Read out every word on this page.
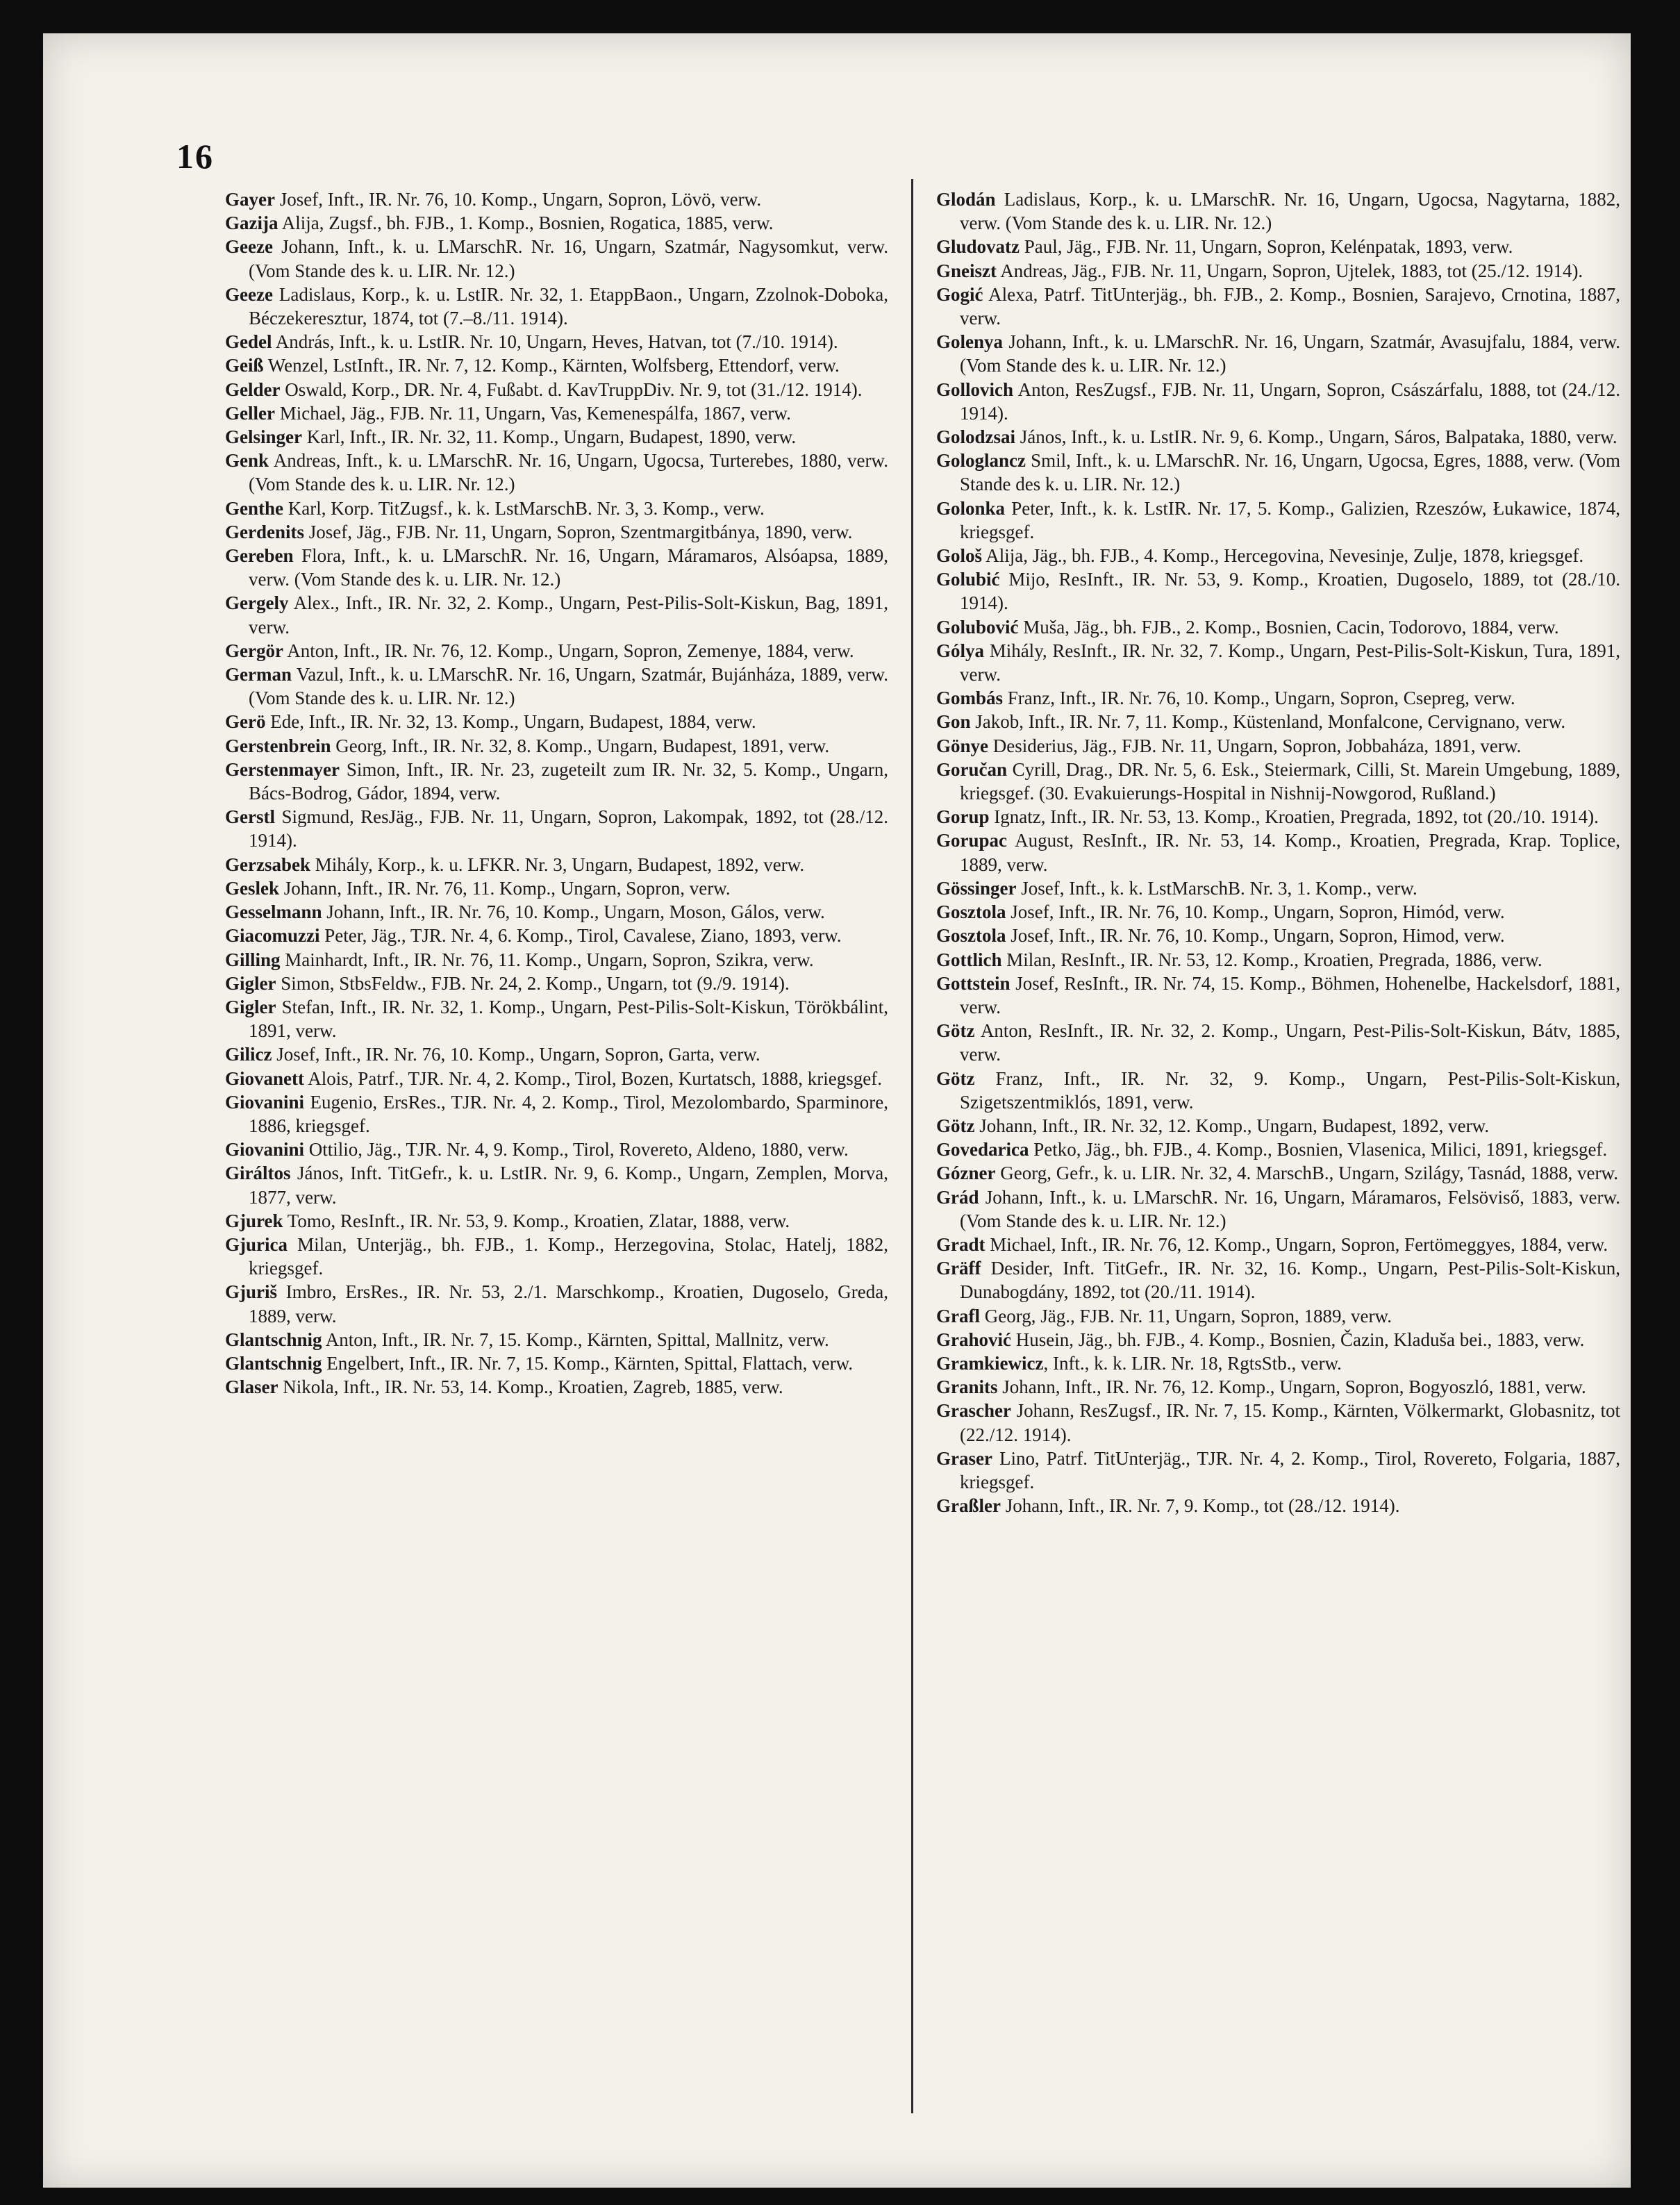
16

Gayer Josef, Inft., IR. Nr. 76, 10. Komp., Ungarn, Sopron, Lövö, verw.

Gazija Alija, Zugsf., bh. FJB., 1. Komp., Bosnien, Rogatica, 1885, verw.

Geeze Johann, Inft., k. u. LMarschR. Nr. 16, Ungarn, Szatmár, Nagysomkut, verw. (Vom Stande des k. u. LIR. Nr. 12.)

Geeze Ladislaus, Korp., k. u. LstIR. Nr. 32, 1. EtappBaon., Ungarn, Zzolnok-Doboka, Béczekeresztur, 1874, tot (7.–8./11. 1914).

Gedel András, Inft., k. u. LstIR. Nr. 10, Ungarn, Heves, Hatvan, tot (7./10. 1914).

Geiß Wenzel, LstInft., IR. Nr. 7, 12. Komp., Kärnten, Wolfsberg, Ettendorf, verw.

Gelder Oswald, Korp., DR. Nr. 4, Fußabt. d. KavTruppDiv. Nr. 9, tot (31./12. 1914).

Geller Michael, Jäg., FJB. Nr. 11, Ungarn, Vas, Kemenespálfa, 1867, verw.

Gelsinger Karl, Inft., IR. Nr. 32, 11. Komp., Ungarn, Budapest, 1890, verw.

Genk Andreas, Inft., k. u. LMarschR. Nr. 16, Ungarn, Ugocsa, Turterebes, 1880, verw. (Vom Stande des k. u. LIR. Nr. 12.)

Genthe Karl, Korp. TitZugsf., k. k. LstMarschB. Nr. 3, 3. Komp., verw.

Gerdenits Josef, Jäg., FJB. Nr. 11, Ungarn, Sopron, Szentmargitbánya, 1890, verw.

Gereben Flora, Inft., k. u. LMarschR. Nr. 16, Ungarn, Máramaros, Alsóapsa, 1889, verw. (Vom Stande des k. u. LIR. Nr. 12.)

Gergely Alex., Inft., IR. Nr. 32, 2. Komp., Ungarn, Pest-Pilis-Solt-Kiskun, Bag, 1891, verw.

Gergör Anton, Inft., IR. Nr. 76, 12. Komp., Ungarn, Sopron, Zemenye, 1884, verw.

German Vazul, Inft., k. u. LMarschR. Nr. 16, Ungarn, Szatmár, Bujánháza, 1889, verw. (Vom Stande des k. u. LIR. Nr. 12.)

Gerö Ede, Inft., IR. Nr. 32, 13. Komp., Ungarn, Budapest, 1884, verw.

Gerstenbrein Georg, Inft., IR. Nr. 32, 8. Komp., Ungarn, Budapest, 1891, verw.

Gerstenmayer Simon, Inft., IR. Nr. 23, zugeteilt zum IR. Nr. 32, 5. Komp., Ungarn, Bács-Bodrog, Gádor, 1894, verw.

Gerstl Sigmund, ResJäg., FJB. Nr. 11, Ungarn, Sopron, Lakompak, 1892, tot (28./12. 1914).

Gerzsabek Mihály, Korp., k. u. LFKR. Nr. 3, Ungarn, Budapest, 1892, verw.

Geslek Johann, Inft., IR. Nr. 76, 11. Komp., Ungarn, Sopron, verw.

Gesselmann Johann, Inft., IR. Nr. 76, 10. Komp., Ungarn, Moson, Gálos, verw.

Giacomuzzi Peter, Jäg., TJR. Nr. 4, 6. Komp., Tirol, Cavalese, Ziano, 1893, verw.

Gilling Mainhardt, Inft., IR. Nr. 76, 11. Komp., Ungarn, Sopron, Szikra, verw.

Gigler Simon, StbsFeldw., FJB. Nr. 24, 2. Komp., Ungarn, tot (9./9. 1914).

Gigler Stefan, Inft., IR. Nr. 32, 1. Komp., Ungarn, Pest-Pilis-Solt-Kiskun, Törökbálint, 1891, verw.

Gilicz Josef, Inft., IR. Nr. 76, 10. Komp., Ungarn, Sopron, Garta, verw.

Giovanett Alois, Patrf., TJR. Nr. 4, 2. Komp., Tirol, Bozen, Kurtatsch, 1888, kriegsgef.

Giovanini Eugenio, ErsRes., TJR. Nr. 4, 2. Komp., Tirol, Mezolombardo, Sparminore, 1886, kriegsgef.

Giovanini Ottilio, Jäg., TJR. Nr. 4, 9. Komp., Tirol, Rovereto, Aldeno, 1880, verw.

Giráltos János, Inft. TitGefr., k. u. LstIR. Nr. 9, 6. Komp., Ungarn, Zemplen, Morva, 1877, verw.

Gjurek Tomo, ResInft., IR. Nr. 53, 9. Komp., Kroatien, Zlatar, 1888, verw.

Gjurica Milan, Unterjäg., bh. FJB., 1. Komp., Herzegovina, Stolac, Hatelj, 1882, kriegsgef.

Gjuriš Imbro, ErsRes., IR. Nr. 53, 2./1. Marschkomp., Kroatien, Dugoselo, Greda, 1889, verw.

Glantschnig Anton, Inft., IR. Nr. 7, 15. Komp., Kärnten, Spittal, Mallnitz, verw.

Glantschnig Engelbert, Inft., IR. Nr. 7, 15. Komp., Kärnten, Spittal, Flattach, verw.

Glaser Nikola, Inft., IR. Nr. 53, 14. Komp., Kroatien, Zagreb, 1885, verw.

Glodán Ladislaus, Korp., k. u. LMarschR. Nr. 16, Ungarn, Ugocsa, Nagytarna, 1882, verw. (Vom Stande des k. u. LIR. Nr. 12.)

Gludovatz Paul, Jäg., FJB. Nr. 11, Ungarn, Sopron, Kelénpatak, 1893, verw.

Gneiszt Andreas, Jäg., FJB. Nr. 11, Ungarn, Sopron, Ujtelek, 1883, tot (25./12. 1914).

Gogić Alexa, Patrf. TitUnterjäg., bh. FJB., 2. Komp., Bosnien, Sarajevo, Crnotina, 1887, verw.

Golenya Johann, Inft., k. u. LMarschR. Nr. 16, Ungarn, Szatmár, Avasujfalu, 1884, verw. (Vom Stande des k. u. LIR. Nr. 12.)

Gollovich Anton, ResZugsf., FJB. Nr. 11, Ungarn, Sopron, Császárfalu, 1888, tot (24./12. 1914).

Golodzsai János, Inft., k. u. LstIR. Nr. 9, 6. Komp., Ungarn, Sáros, Balpataka, 1880, verw.

Gologlancz Smil, Inft., k. u. LMarschR. Nr. 16, Ungarn, Ugocsa, Egres, 1888, verw. (Vom Stande des k. u. LIR. Nr. 12.)

Golonka Peter, Inft., k. k. LstIR. Nr. 17, 5. Komp., Galizien, Rzeszów, Łukawice, 1874, kriegsgef.

Gološ Alija, Jäg., bh. FJB., 4. Komp., Hercegovina, Nevesinje, Zulje, 1878, kriegsgef.

Golubić Mijo, ResInft., IR. Nr. 53, 9. Komp., Kroatien, Dugoselo, 1889, tot (28./10. 1914).

Golubović Muša, Jäg., bh. FJB., 2. Komp., Bosnien, Cacin, Todorovo, 1884, verw.

Gólya Mihály, ResInft., IR. Nr. 32, 7. Komp., Ungarn, Pest-Pilis-Solt-Kiskun, Tura, 1891, verw.

Gombás Franz, Inft., IR. Nr. 76, 10. Komp., Ungarn, Sopron, Csepreg, verw.

Gon Jakob, Inft., IR. Nr. 7, 11. Komp., Küstenland, Monfalcone, Cervignano, verw.

Gönye Desiderius, Jäg., FJB. Nr. 11, Ungarn, Sopron, Jobbaháza, 1891, verw.

Goručan Cyrill, Drag., DR. Nr. 5, 6. Esk., Steiermark, Cilli, St. Marein Umgebung, 1889, kriegsgef. (30. Evakuierungs-Hospital in Nishnij-Nowgorod, Rußland.)

Gorup Ignatz, Inft., IR. Nr. 53, 13. Komp., Kroatien, Pregrada, 1892, tot (20./10. 1914).

Gorupac August, ResInft., IR. Nr. 53, 14. Komp., Kroatien, Pregrada, Krap. Toplice, 1889, verw.

Gössinger Josef, Inft., k. k. LstMarschB. Nr. 3, 1. Komp., verw.

Gosztola Josef, Inft., IR. Nr. 76, 10. Komp., Ungarn, Sopron, Himód, verw.

Gosztola Josef, Inft., IR. Nr. 76, 10. Komp., Ungarn, Sopron, Himod, verw.

Gottlich Milan, ResInft., IR. Nr. 53, 12. Komp., Kroatien, Pregrada, 1886, verw.

Gottstein Josef, ResInft., IR. Nr. 74, 15. Komp., Böhmen, Hohenelbe, Hackelsdorf, 1881, verw.

Götz Anton, ResInft., IR. Nr. 32, 2. Komp., Ungarn, Pest-Pilis-Solt-Kiskun, Bátv, 1885, verw.

Götz Franz, Inft., IR. Nr. 32, 9. Komp., Ungarn, Pest-Pilis-Solt-Kiskun, Szigetszentmiklós, 1891, verw.

Götz Johann, Inft., IR. Nr. 32, 12. Komp., Ungarn, Budapest, 1892, verw.

Govedarica Petko, Jäg., bh. FJB., 4. Komp., Bosnien, Vlasenica, Milici, 1891, kriegsgef.

Gózner Georg, Gefr., k. u. LIR. Nr. 32, 4. MarschB., Ungarn, Szilágy, Tasnád, 1888, verw.

Grád Johann, Inft., k. u. LMarschR. Nr. 16, Ungarn, Máramaros, Felsöviső, 1883, verw. (Vom Stande des k. u. LIR. Nr. 12.)

Gradt Michael, Inft., IR. Nr. 76, 12. Komp., Ungarn, Sopron, Fertömeggyes, 1884, verw.

Gräff Desider, Inft. TitGefr., IR. Nr. 32, 16. Komp., Ungarn, Pest-Pilis-Solt-Kiskun, Dunabogdány, 1892, tot (20./11. 1914).

Grafl Georg, Jäg., FJB. Nr. 11, Ungarn, Sopron, 1889, verw.

Grahović Husein, Jäg., bh. FJB., 4. Komp., Bosnien, Čazin, Kladuša bei., 1883, verw.

Gramkiewicz, Inft., k. k. LIR. Nr. 18, RgtsStb., verw.

Granits Johann, Inft., IR. Nr. 76, 12. Komp., Ungarn, Sopron, Bogyoszló, 1881, verw.

Grascher Johann, ResZugsf., IR. Nr. 7, 15. Komp., Kärnten, Völkermarkt, Globasnitz, tot (22./12. 1914).

Graser Lino, Patrf. TitUnterjäg., TJR. Nr. 4, 2. Komp., Tirol, Rovereto, Folgaria, 1887, kriegsgef.

Graßler Johann, Inft., IR. Nr. 7, 9. Komp., tot (28./12. 1914).
